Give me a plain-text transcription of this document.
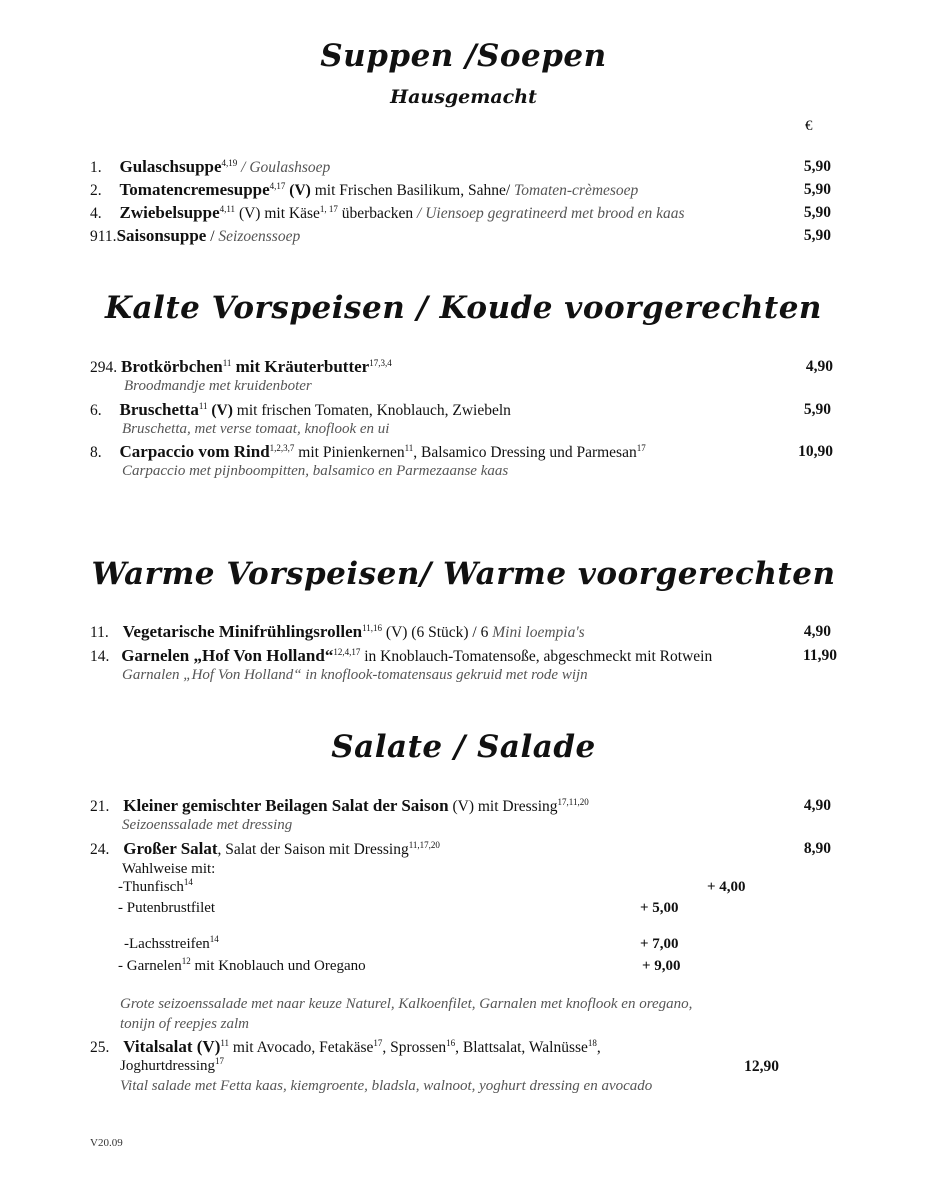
Suppen /Soepen
Hausgemacht
€
1. Gulaschsuppe$^{4,19}$ / Goulashsoep	5,90
2. Tomatencremesuppe$^{4,17}$ (V) mit Frischen Basilikum, Sahne/ Tomaten-crèmesoep	5,90
4. Zwiebelsuppe$^{4,11}$ (V) mit Käse$^{1, 17}$ überbacken / Uiensoep gegratineerd met brood en kaas	5,90
911.Saisonsuppe / Seizoenssoep	5,90
Kalte Vorspeisen / Koude voorgerechten
294. Brotkörbchen$^{11}$ mit Kräuterbutter$^{17,3,4}$	4,90
Broodmandje met kruidenboter
6. Bruschetta$^{11}$ (V) mit frischen Tomaten, Knoblauch, Zwiebeln	5,90
Bruschetta, met verse tomaat, knoflook en ui
8. Carpaccio vom Rind$^{1,2,3,7}$ mit Pinienkernen$^{11}$, Balsamico Dressing und Parmesan$^{17}$	10,90
Carpaccio met pijnboompitten, balsamico en Parmezaanse kaas
Warme Vorspeisen/ Warme voorgerechten
11. Vegetarische Minifrühlingsrollen$^{11,16}$ (V) (6 Stück) / 6 Mini loempia's	4,90
14. Garnelen „Hof Von Holland“$^{12,4,17}$ in Knoblauch-Tomatensoße, abgeschmeckt mit Rotwein	11,90
Garnalen „Hof Von Holland“ in knoflook-tomatensaus gekruid met rode wijn
Salate / Salade
21. Kleiner gemischter Beilagen Salat der Saison (V) mit Dressing$^{17,11,20}$	4,90
Seizoenssalade met dressing
24. Großer Salat, Salat der Saison mit Dressing$^{11,17,20}$	8,90
Wahlweise mit:
-Thunfisch$^{14}$	+ 4,00
- Putenbrustfilet	+ 5,00
-Lachsstreifen$^{14}$	+ 7,00
- Garnelen$^{12}$ mit Knoblauch und Oregano	+ 9,00
Grote seizoenssalade met naar keuze Naturel, Kalkoenfilet, Garnalen met knoflook en oregano,
tonijn of reepjes zalm
25. Vitalsalat $(V)^{11}$ mit Avocado, Fetakäse$^{17}$, Sprossen$^{16}$, Blattsalat, Walnüsse$^{18}$,
Joghurtdressing$^{17}$	12,90
Vital salade met Fetta kaas, kiemgroente, bladsla, walnoot, yoghurt dressing en avocado
V20.09
